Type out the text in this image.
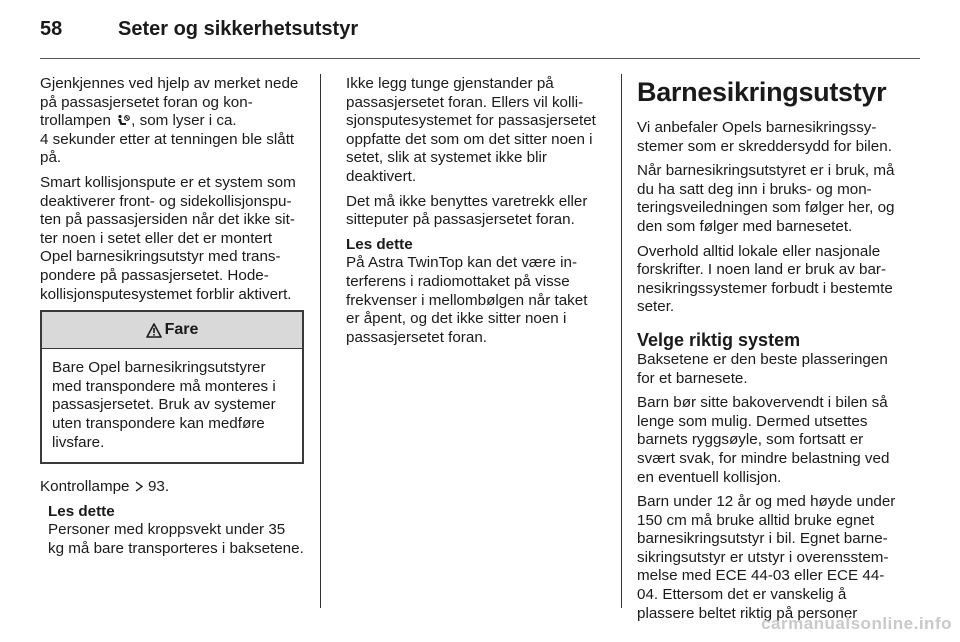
58	Seter og sikkerhetsutstyr

Gjenkjennes ved hjelp av merket nede på passasjersetet foran og kontrollampen , som lyser i ca.
4 sekunder etter at tenningen ble slått på.

Smart kollisjonspute er et system som deaktiverer front- og sidekollisjonsputen på passasjersiden når det ikke sitter noen i setet eller det er montert Opel barnesikringsutstyr med transpondere på passasjersetet. Hodekollisjonsputesystemet forblir aktivert.

Fare
Bare Opel barnesikringsutstyrer med transpondere må monteres i passasjersetet. Bruk av systemer uten transpondere kan medføre livsfare.

Kontrollampe 93.

Les dette
Personer med kroppsvekt under 35 kg må bare transporteres i baksetene.

Ikke legg tunge gjenstander på passasjersetet foran. Ellers vil kollisjonsputesystemet for passasjersetet oppfatte det som om det sitter noen i setet, slik at systemet ikke blir deaktivert.

Det må ikke benyttes varetrekk eller sitteputer på passasjersetet foran.

Les dette
På Astra TwinTop kan det være interferens i radiomottaket på visse frekvenser i mellombølgen når taket er åpent, og det ikke sitter noen i passasjersetet foran.
Barnesikringsutstyr

Vi anbefaler Opels barnesikringssystemer som er skreddersydd for bilen.

Når barnesikringsutstyret er i bruk, må du ha satt deg inn i bruks- og monteringsveiledningen som følger her, og den som følger med barnesetet.

Overhold alltid lokale eller nasjonale forskrifter. I noen land er bruk av barnesikringssystemer forbudt i bestemte seter.

Velge riktig system

Baksetene er den beste plasseringen for et barnesete.

Barn bør sitte bakovervendt i bilen så lenge som mulig. Dermed utsettes barnets ryggsøyle, som fortsatt er svært svak, for mindre belastning ved en eventuell kollisjon.

Barn under 12 år og med høyde under 150 cm må bruke alltid bruke egnet barnesikringsutstyr i bil. Egnet barnesikringsutstyr er utstyr i overensstemmelse med ECE 44-03 eller ECE 44-04. Ettersom det er vanskelig å plassere beltet riktig på personer

carmanualsonline.info
